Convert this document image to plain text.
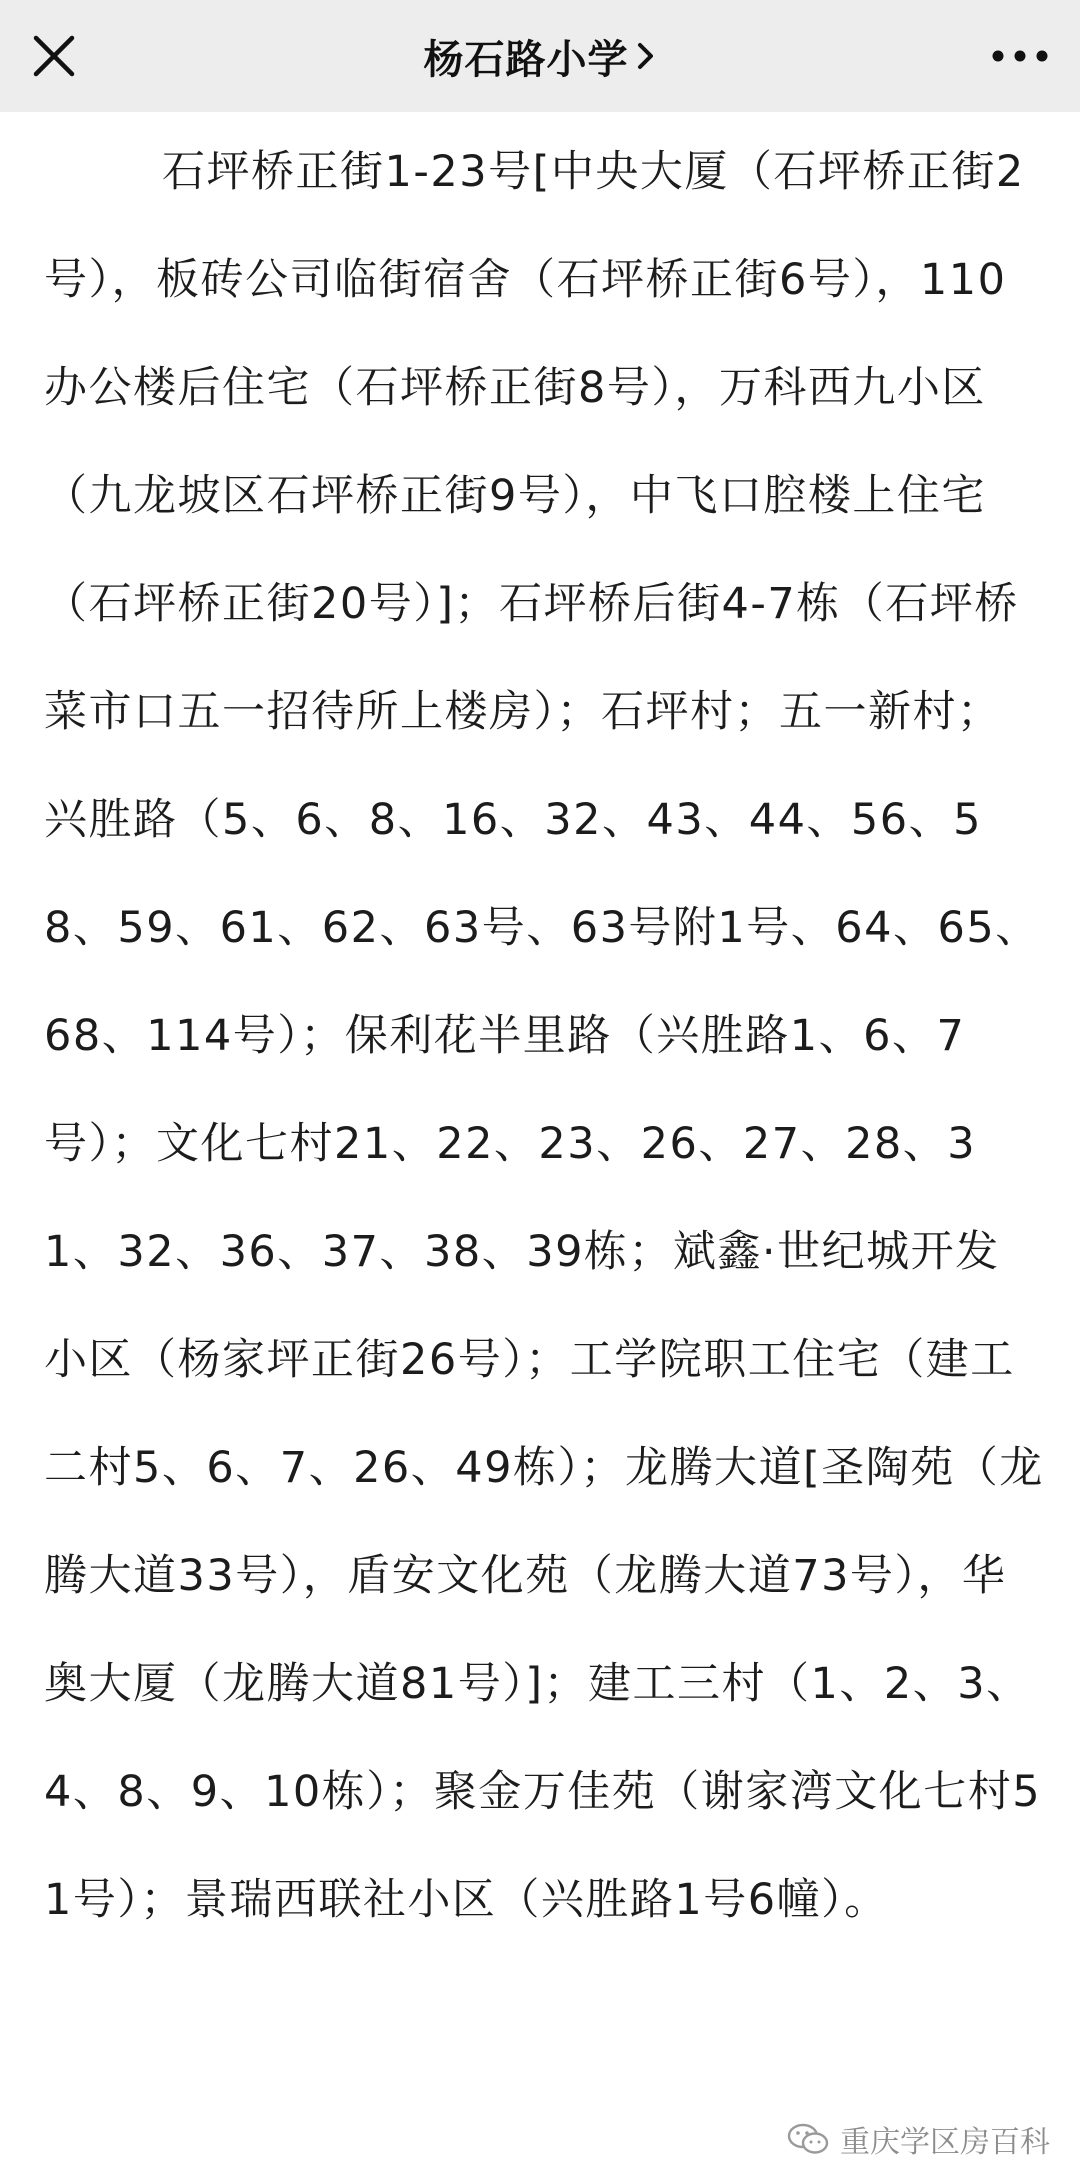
杨石路小学

石坪桥正街1-23号[中央大厦（石坪桥正街2号），板砖公司临街宿舍（石坪桥正街6号），110办公楼后住宅（石坪桥正街8号），万科西九小区（九龙坡区石坪桥正街9号），中飞口腔楼上住宅（石坪桥正街20号）]；石坪桥后街4-7栋（石坪桥菜市口五一招待所上楼房）；石坪村；五一新村；兴胜路（5、6、8、16、32、43、44、56、58、59、61、62、63号、63号附1号、64、65、68、114号）；保利花半里路（兴胜路1、6、7号）；文化七村21、22、23、26、27、28、31、32、36、37、38、39栋；斌鑫·世纪城开发小区（杨家坪正街26号）；工学院职工住宅（建工二村5、6、7、26、49栋）；龙腾大道[圣陶苑（龙腾大道33号），盾安文化苑（龙腾大道73号），华奥大厦（龙腾大道81号）]；建工三村（1、2、3、4、8、9、10栋）；聚金万佳苑（谢家湾文化七村51号）；景瑞西联社小区（兴胜路1号6幢）。

重庆学区房百科
